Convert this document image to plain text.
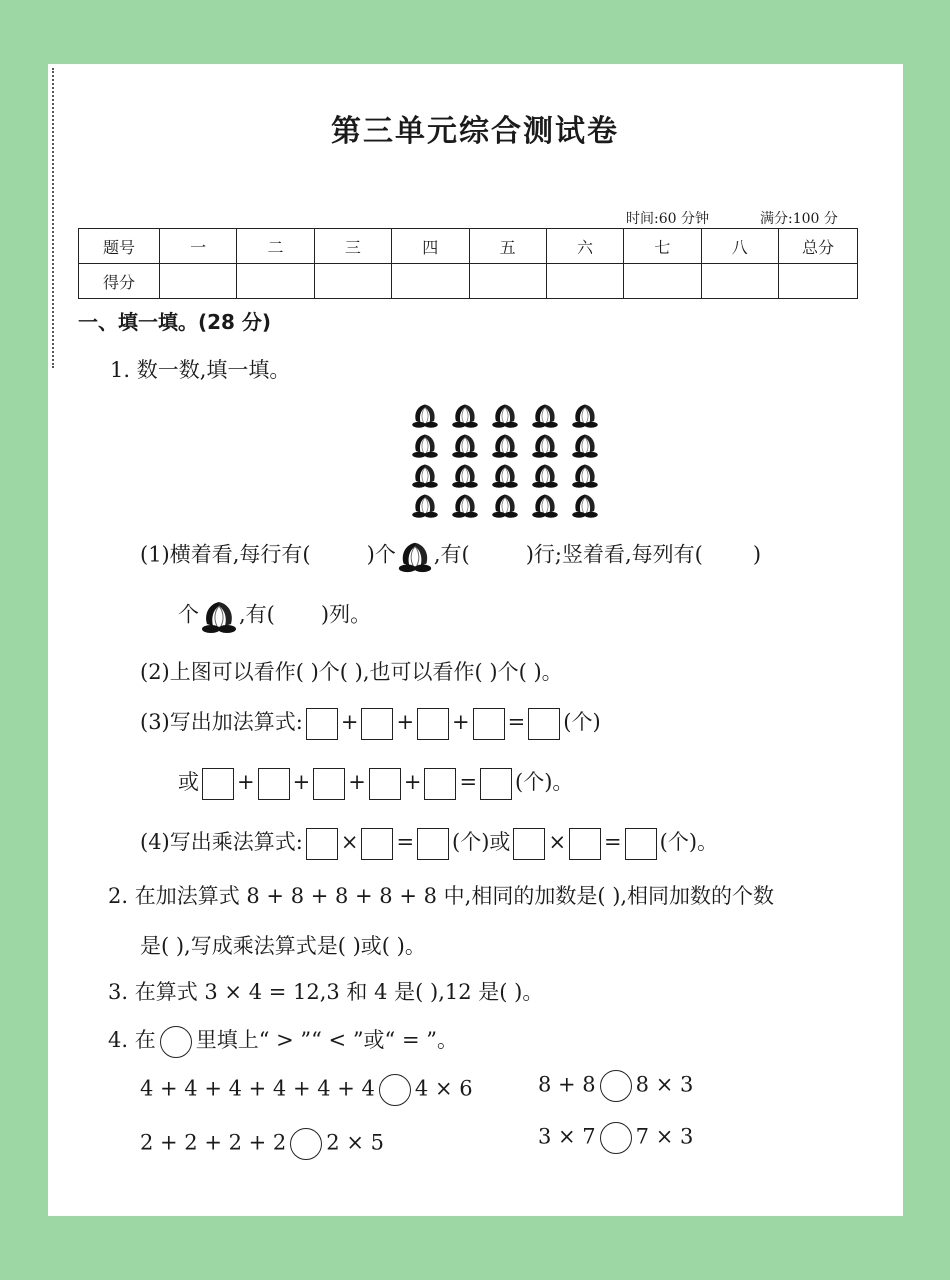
第三单元综合测试卷
时间:60 分钟	满分:100 分
题号	一	二	三	四	五	六	七	八	总分
得分									
一、填一填。(28 分)
1. 数一数,填一填。
(1)横着看,每行有(	)个 ,有(	)行;竖着看,每列有( )
个 ,有( )列。
(2)上图可以看作( )个( ),也可以看作( )个( )。
(3)写出加法算式: + + + = (个)
或 + + + + = (个)。
(4)写出乘法算式: × = (个)或 × = (个)。
2. 在加法算式 8 + 8 + 8 + 8 + 8 中,相同的加数是( ),相同加数的个数
是( ),写成乘法算式是( )或( )。
3. 在算式 3 × 4 = 12,3 和 4 是( ),12 是( )。
4. 在 里填上“ > ”“ < ”或“ = ”。
4 + 4 + 4 + 4 + 4 + 4 4 × 6	8 + 8 8 × 3
2 + 2 + 2 + 2 2 × 5	3 × 7 7 × 3
